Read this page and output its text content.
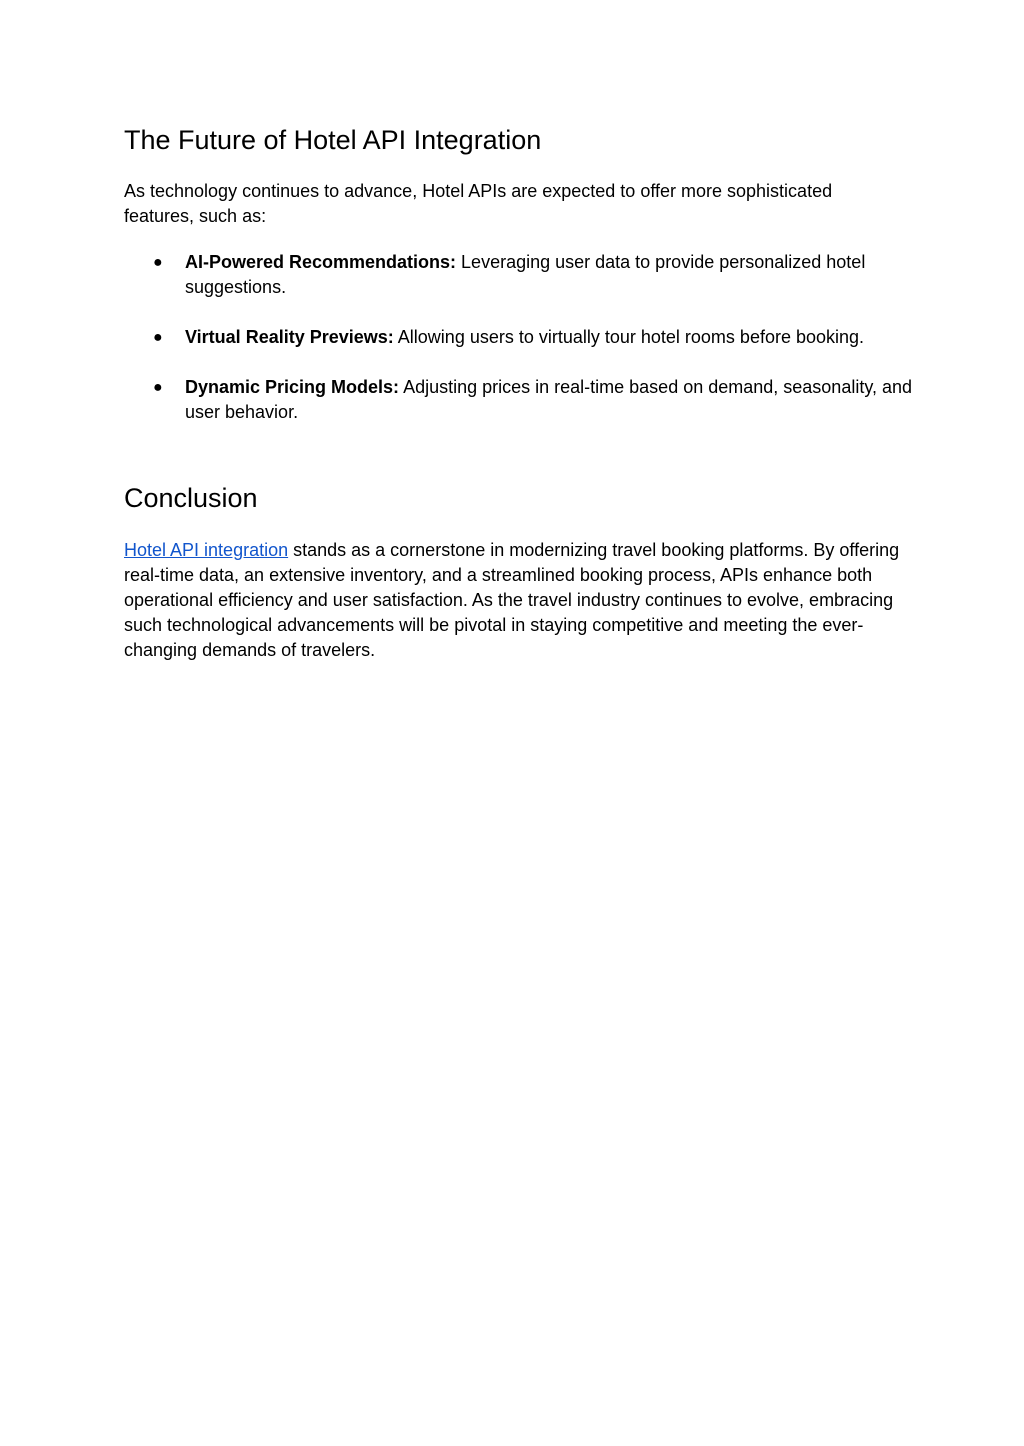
The Future of Hotel API Integration

As technology continues to advance, Hotel APIs are expected to offer more sophisticated features, such as:

● AI-Powered Recommendations: Leveraging user data to provide personalized hotel suggestions.
● Virtual Reality Previews: Allowing users to virtually tour hotel rooms before booking.
● Dynamic Pricing Models: Adjusting prices in real-time based on demand, seasonality, and user behavior.
Conclusion

Hotel API integration stands as a cornerstone in modernizing travel booking platforms. By offering real-time data, an extensive inventory, and a streamlined booking process, APIs enhance both operational efficiency and user satisfaction. As the travel industry continues to evolve, embracing such technological advancements will be pivotal in staying competitive and meeting the ever-changing demands of travelers.
